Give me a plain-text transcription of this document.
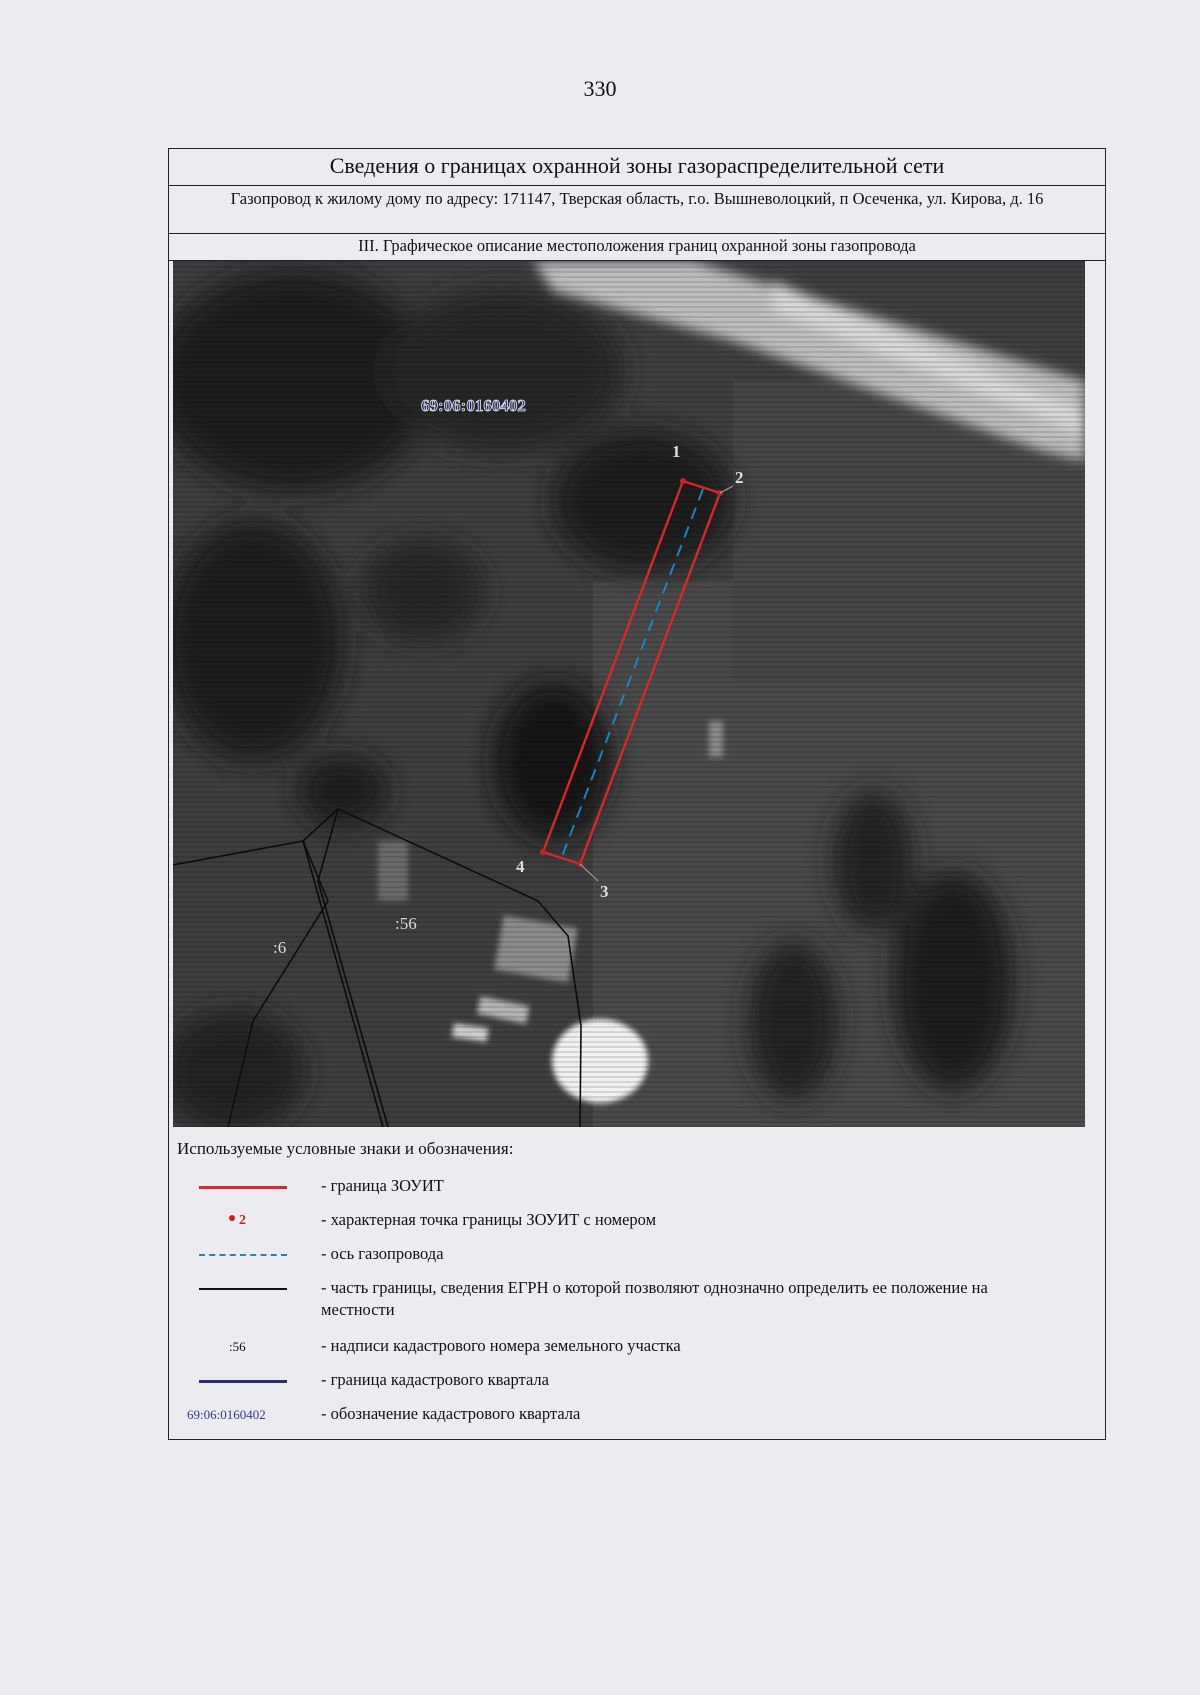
330
Сведения о границах охранной зоны газораспределительной сети
Газопровод к жилому дому по адресу: 171147, Тверская область, г.о. Вышневолоцкий, п Осеченка, ул. Кирова, д. 16
III. Графическое описание местоположения границ охранной зоны газопровода
1
2
3
4
69:06:0160402
:56
:6
Используемые условные знаки и обозначения:
- граница ЗОУИТ
2	- характерная точка границы ЗОУИТ с номером
- ось газопровода
- часть границы, сведения ЕГРН о которой позволяют однозначно определить ее положение на местности
:56	- надписи кадастрового номера земельного участка
- граница кадастрового квартала
69:06:0160402	- обозначение кадастрового квартала
